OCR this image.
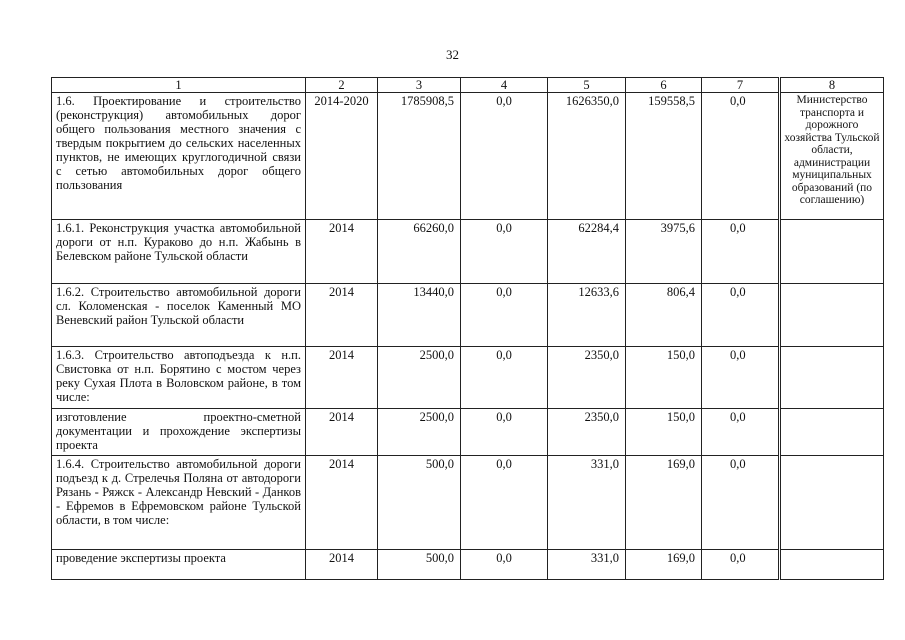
32
1	2	3	4	5	6	7	8
1.6. Проектирование и строительство (реконструкция) автомобильных дорог общего пользования местного значения с твердым покрытием до сельских населенных пунктов, не имеющих круглогодичной связи с сетью автомобильных дорог общего пользования	2014-2020	1785908,5	0,0	1626350,0	159558,5	0,0	Министерство транспорта и дорожного хозяйства Тульской области, администрации муниципальных образований (по соглашению)
1.6.1. Реконструкция участка автомобильной дороги от н.п. Кураково до н.п. Жабынь в Белевском районе Тульской области	2014	66260,0	0,0	62284,4	3975,6	0,0	
1.6.2. Строительство автомобильной дороги сл. Коломенская - поселок Каменный МО Веневский район Тульской области	2014	13440,0	0,0	12633,6	806,4	0,0	
1.6.3. Строительство автоподъезда к н.п. Свистовка от н.п. Борятино с мостом через реку Сухая Плота в Воловском районе, в том числе:	2014	2500,0	0,0	2350,0	150,0	0,0	
изготовление проектно-сметной документации и прохождение экспертизы проекта	2014	2500,0	0,0	2350,0	150,0	0,0	
1.6.4. Строительство автомобильной дороги подъезд к д. Стрелечья Поляна от автодороги Рязань - Ряжск - Александр Невский - Данков - Ефремов в Ефремовском районе Тульской области, в том числе:	2014	500,0	0,0	331,0	169,0	0,0	
проведение экспертизы проекта	2014	500,0	0,0	331,0	169,0	0,0	
